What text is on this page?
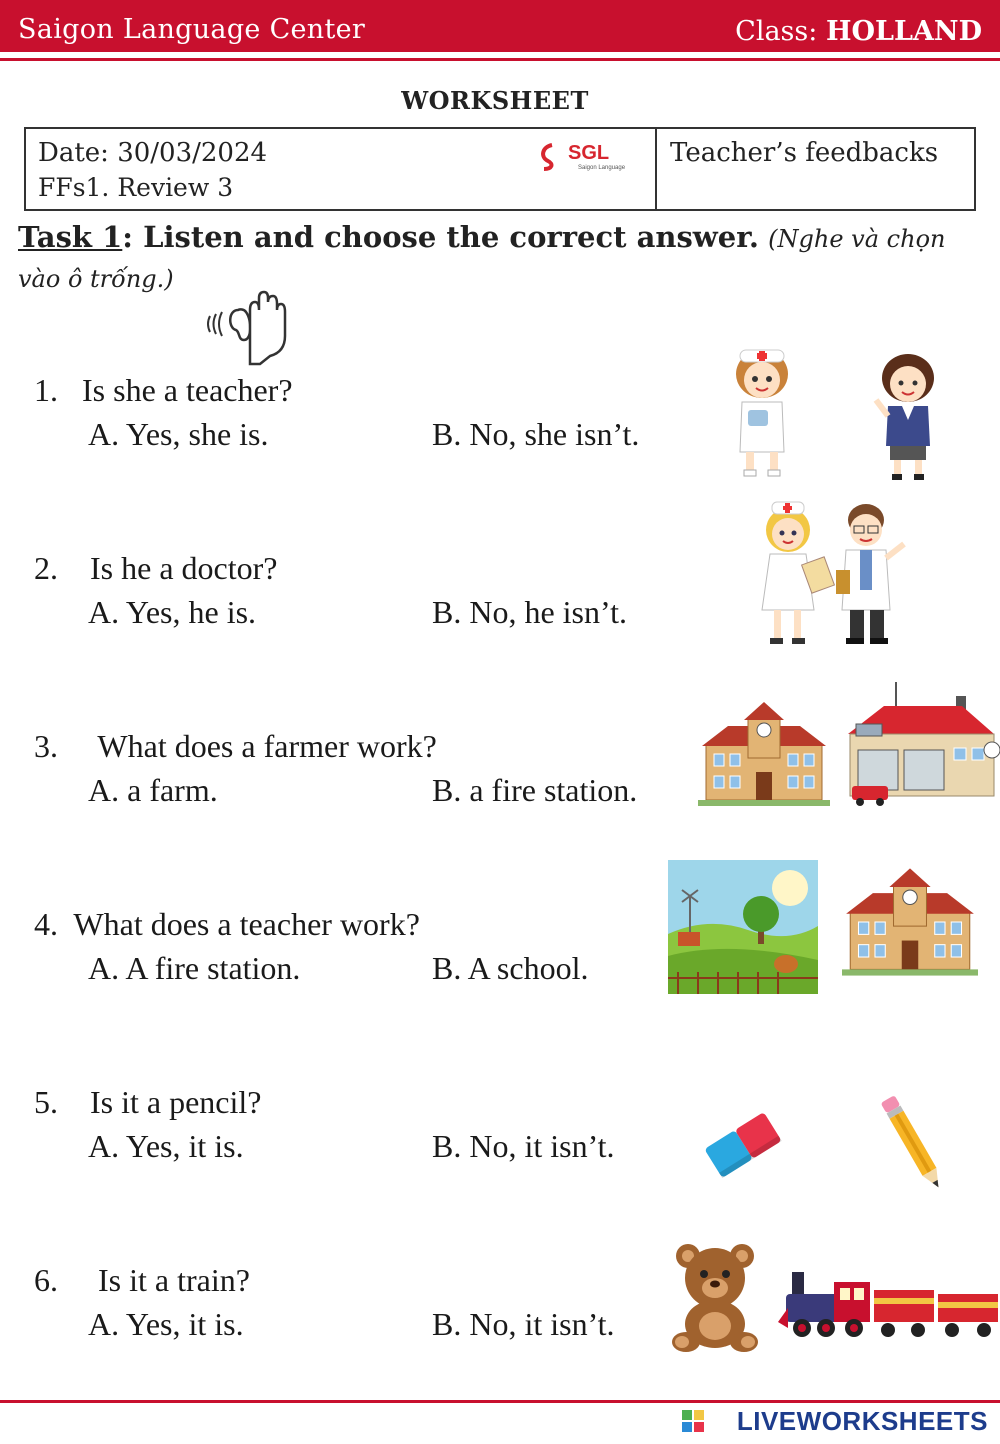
Saigon Language Center	Class: HOLLAND
WORKSHEET
Date: 30/03/2024
FFs1. Review 3
Teacher’s feedbacks
SGL
Saigon Language
Task 1: Listen and choose the correct answer. (Nghe và chọn vào ô trống.)
1. Is she a teacher?
A. Yes, she is.	B. No, she isn’t.
2. Is he a doctor?
A. Yes, he is.	B. No, he isn’t.
3. What does a farmer work?
A. a farm.	B. a fire station.
4. What does a teacher work?
A. A fire station.	B. A school.
5. Is it a pencil?
A. Yes, it is.	B. No, it isn’t.
6. Is it a train?
A. Yes, it is.	B. No, it isn’t.
LIVEWORKSHEETS
